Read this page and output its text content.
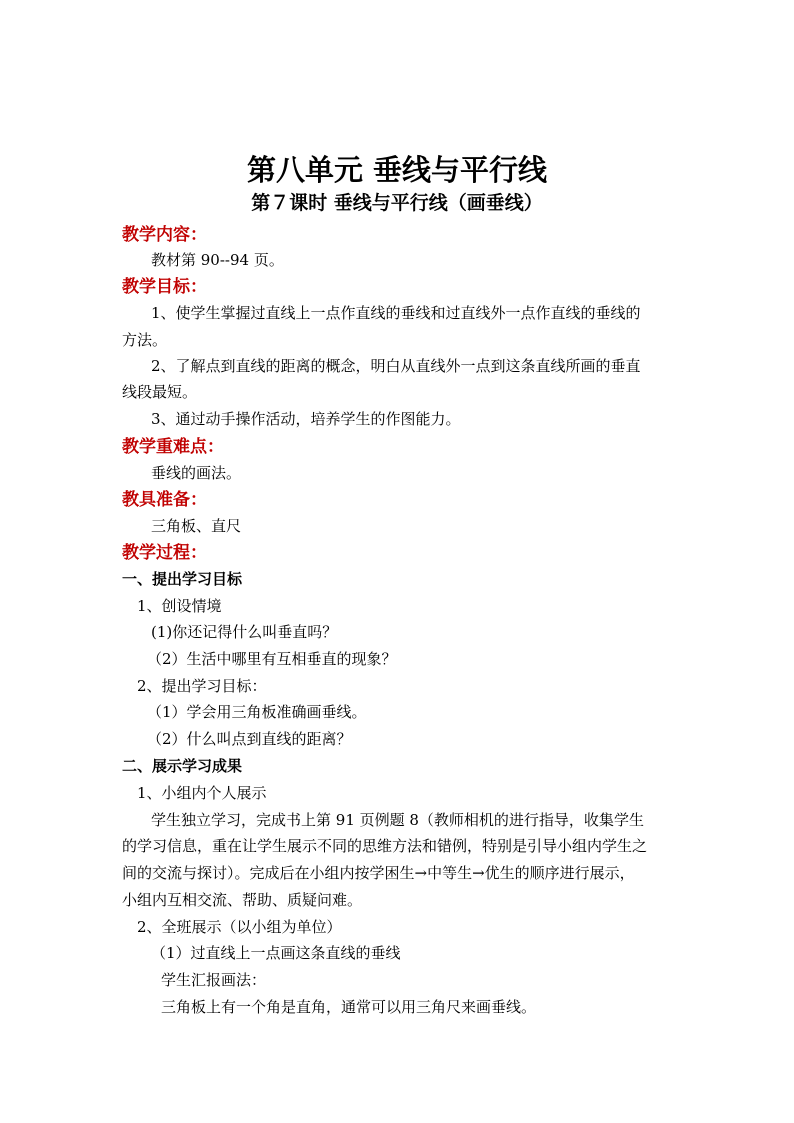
第八单元 垂线与平行线
第７课时 垂线与平行线（画垂线）
教学内容：
教材第 90--94 页。
教学目标：
1、使学生掌握过直线上一点作直线的垂线和过直线外一点作直线的垂线的
方法。
2、了解点到直线的距离的概念，明白从直线外一点到这条直线所画的垂直
线段最短。
3、通过动手操作活动，培养学生的作图能力。
教学重难点：
垂线的画法。
教具准备：
三角板、直尺
教学过程：
一、提出学习目标
1、创设情境
(1)你还记得什么叫垂直吗？
（2）生活中哪里有互相垂直的现象？
2、提出学习目标：
（1）学会用三角板准确画垂线。
（2）什么叫点到直线的距离？
二、展示学习成果
1、小组内个人展示
学生独立学习，完成书上第 91 页例题 8（教师相机的进行指导，收集学生
的学习信息，重在让学生展示不同的思维方法和错例，特别是引导小组内学生之
间的交流与探讨）。完成后在小组内按学困生→中等生→优生的顺序进行展示，
小组内互相交流、帮助、质疑问难。
2、全班展示（以小组为单位）
（1）过直线上一点画这条直线的垂线
学生汇报画法：
三角板上有一个角是直角，通常可以用三角尺来画垂线。
